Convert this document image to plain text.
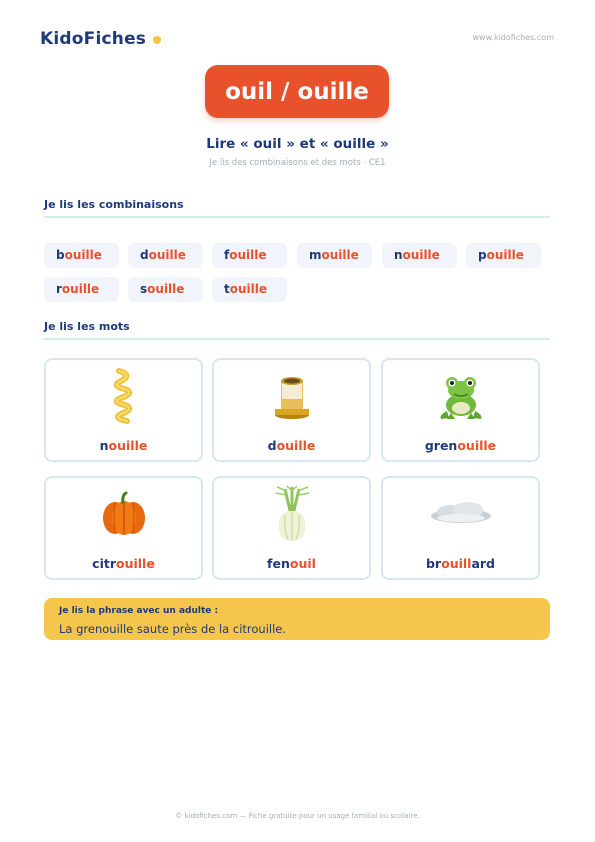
KidoFiches	www.kidofiches.com
ouil / ouille
Lire « ouil » et « ouille »
Je lis des combinaisons et des mots · CE1
Je lis les combinaisons
bouille	douille	fouille	mouille	nouille	pouille
rouille	souille	touille
Je lis les mots
nouille	douille	grenouille
citrouille	fenouil	brouillard
Je lis la phrase avec un adulte :
La grenouille saute près de la citrouille.
© kidofiches.com — Fiche gratuite pour un usage familial ou scolaire.
